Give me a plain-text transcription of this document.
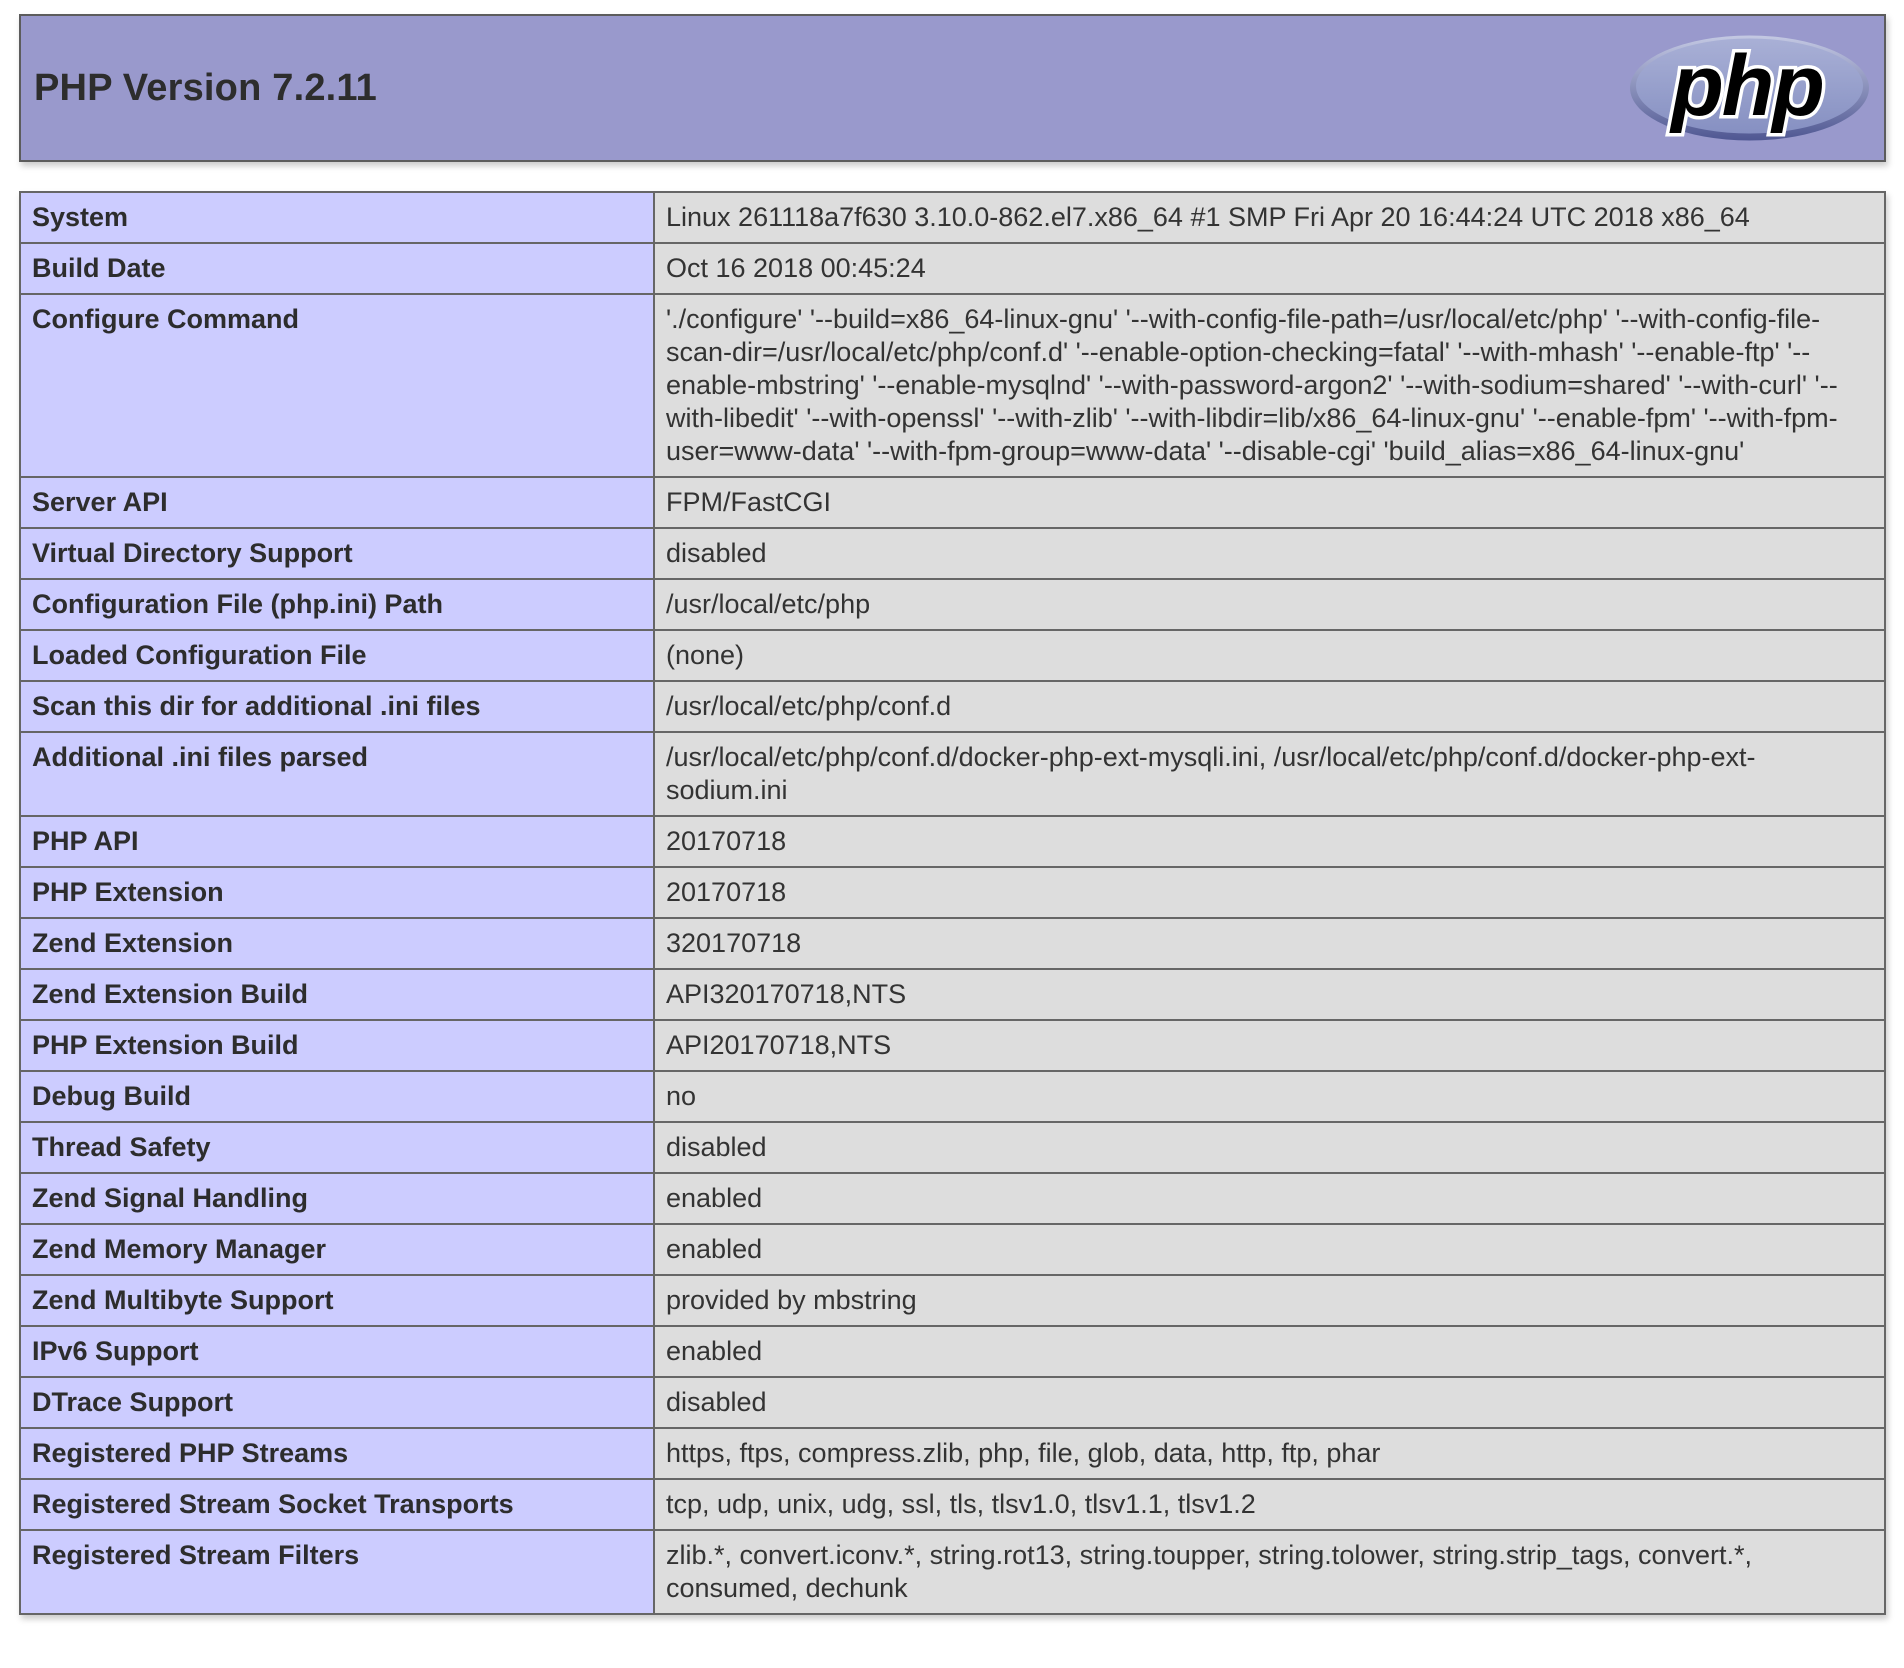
PHP Version 7.2.11	php
System	Linux 261118a7f630 3.10.0-862.el7.x86_64 #1 SMP Fri Apr 20 16:44:24 UTC 2018 x86_64
Build Date	Oct 16 2018 00:45:24
Configure Command	'./configure' '--build=x86_64-linux-gnu' '--with-config-file-path=/usr/local/etc/php' '--with-config-file-scan-dir=/usr/local/etc/php/conf.d' '--enable-option-checking=fatal' '--with-mhash' '--enable-ftp' '--enable-mbstring' '--enable-mysqlnd' '--with-password-argon2' '--with-sodium=shared' '--with-curl' '--with-libedit' '--with-openssl' '--with-zlib' '--with-libdir=lib/x86_64-linux-gnu' '--enable-fpm' '--with-fpm-user=www-data' '--with-fpm-group=www-data' '--disable-cgi' 'build_alias=x86_64-linux-gnu'
Server API	FPM/FastCGI
Virtual Directory Support	disabled
Configuration File (php.ini) Path	/usr/local/etc/php
Loaded Configuration File	(none)
Scan this dir for additional .ini files	/usr/local/etc/php/conf.d
Additional .ini files parsed	/usr/local/etc/php/conf.d/docker-php-ext-mysqli.ini, /usr/local/etc/php/conf.d/docker-php-ext-sodium.ini
PHP API	20170718
PHP Extension	20170718
Zend Extension	320170718
Zend Extension Build	API320170718,NTS
PHP Extension Build	API20170718,NTS
Debug Build	no
Thread Safety	disabled
Zend Signal Handling	enabled
Zend Memory Manager	enabled
Zend Multibyte Support	provided by mbstring
IPv6 Support	enabled
DTrace Support	disabled
Registered PHP Streams	https, ftps, compress.zlib, php, file, glob, data, http, ftp, phar
Registered Stream Socket Transports	tcp, udp, unix, udg, ssl, tls, tlsv1.0, tlsv1.1, tlsv1.2
Registered Stream Filters	zlib.*, convert.iconv.*, string.rot13, string.toupper, string.tolower, string.strip_tags, convert.*, consumed, dechunk
